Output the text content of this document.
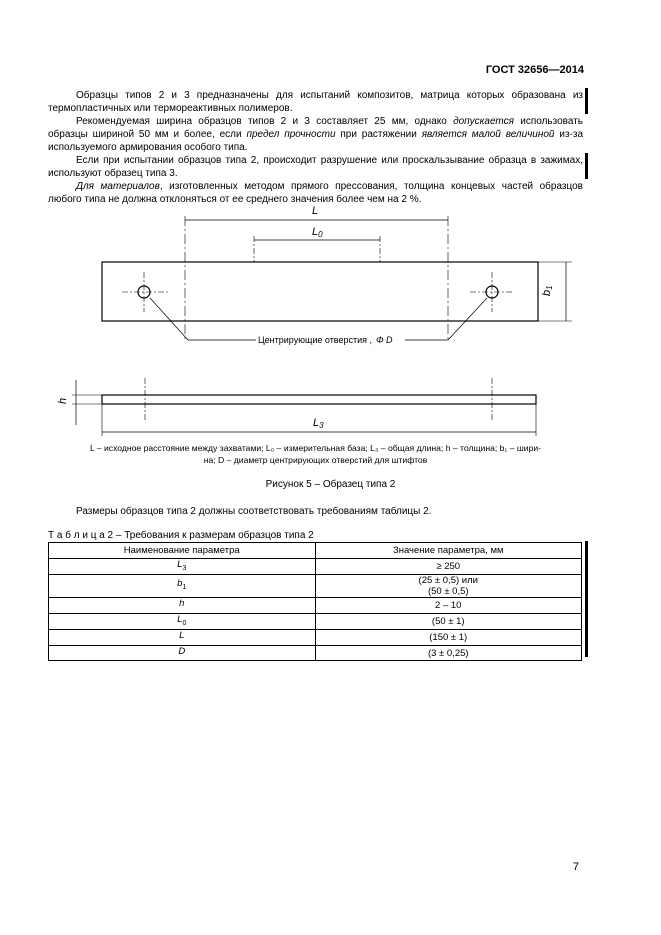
ГОСТ 32656—2014

Образцы типов 2 и 3 предназначены для испытаний композитов, матрица которых образована из термопластичных или термореактивных полимеров.

Рекомендуемая ширина образцов типов 2 и 3 составляет 25 мм, однако допускается использовать образцы шириной 50 мм и более, если предел прочности при растяжении является малой величиной из-за используемого армирования особого типа.

Если при испытании образцов типа 2, происходит разрушение или проскальзывание образца в зажимах, используют образец типа 3.

Для материалов, изготовленных методом прямого прессования, толщина концевых частей образцов любого типа не должна отклоняться от ее среднего значения более чем на 2 %.

L
L0
b1
Центрирующие отверстия , Φ D
h
L3
L – исходное расстояние между захватами; L₀ – измерительная база; L₃ – общая длина; h – толщина; b₁ – шири-
на; D – диаметр центрирующих отверстий для штифтов
Рисунок 5 – Образец типа 2
Размеры образцов типа 2 должны соответствовать требованиям таблицы 2.
Т а б л и ц а 2 – Требования к размерам образцов типа 2
Наименование параметра	Значение параметра, мм
$L_3$	≥ 250

$b_1$	(25 ± 0,5) или
(50 ± 0,5)

h	2 – 10

$L_0$	(50 ± 1)

L	(150 ± 1)

D	(3 ± 0,25)
7
